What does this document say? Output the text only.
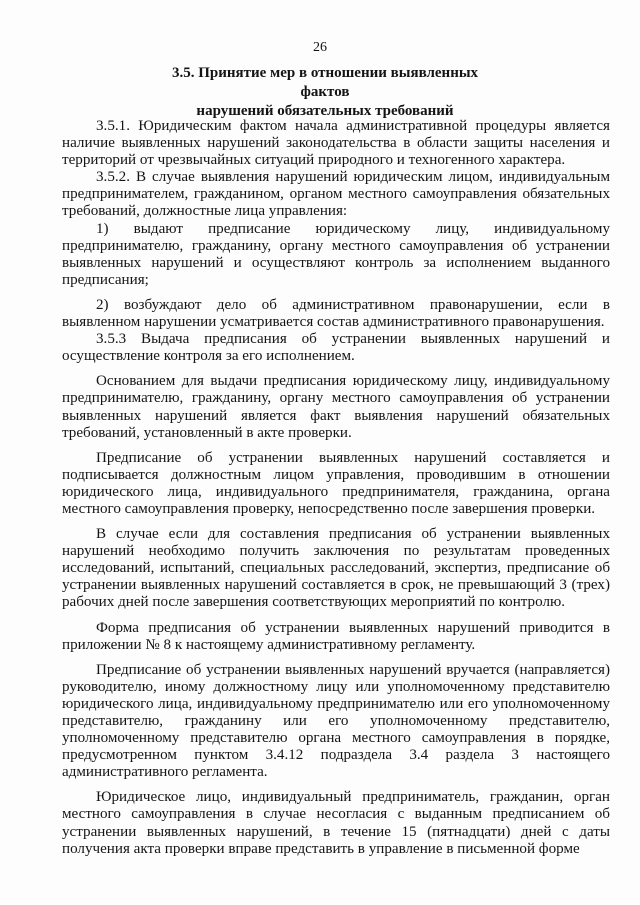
26
3.5. Принятие мер в отношении выявленных фактов
нарушений обязательных требований

3.5.1. Юридическим фактом начала административной процедуры является наличие выявленных нарушений законодательства в области защиты населения и территорий от чрезвычайных ситуаций природного и техногенного характера.

3.5.2. В случае выявления нарушений юридическим лицом, индивидуальным предпринимателем, гражданином, органом местного самоуправления обязательных требований, должностные лица управления:

1) выдают предписание юридическому лицу, индивидуальному предпринимателю, гражданину, органу местного самоуправления об устранении выявленных нарушений и осуществляют контроль за исполнением выданного предписания;

2) возбуждают дело об административном правонарушении, если в выявленном нарушении усматривается состав административного правонарушения.

3.5.3 Выдача предписания об устранении выявленных нарушений и осуществление контроля за его исполнением.

Основанием для выдачи предписания юридическому лицу, индивидуальному предпринимателю, гражданину, органу местного самоуправления об устранении выявленных нарушений является факт выявления нарушений обязательных требований, установленный в акте проверки.

Предписание об устранении выявленных нарушений составляется и подписывается должностным лицом управления, проводившим в отношении юридического лица, индивидуального предпринимателя, гражданина, органа местного самоуправления проверку, непосредственно после завершения проверки.

В случае если для составления предписания об устранении выявленных нарушений необходимо получить заключения по результатам проведенных исследований, испытаний, специальных расследований, экспертиз, предписание об устранении выявленных нарушений составляется в срок, не превышающий 3 (трех) рабочих дней после завершения соответствующих мероприятий по контролю.

Форма предписания об устранении выявленных нарушений приводится в приложении № 8 к настоящему административному регламенту.

Предписание об устранении выявленных нарушений вручается (направляется) руководителю, иному должностному лицу или уполномоченному представителю юридического лица, индивидуальному предпринимателю или его уполномоченному представителю, гражданину или его уполномоченному представителю, уполномоченному представителю органа местного самоуправления в порядке, предусмотренном пунктом 3.4.12 подраздела 3.4 раздела 3 настоящего административного регламента.

Юридическое лицо, индивидуальный предприниматель, гражданин, орган местного самоуправления в случае несогласия с выданным предписанием об устранении выявленных нарушений, в течение 15 (пятнадцати) дней с даты получения акта проверки вправе представить в управление в письменной форме
